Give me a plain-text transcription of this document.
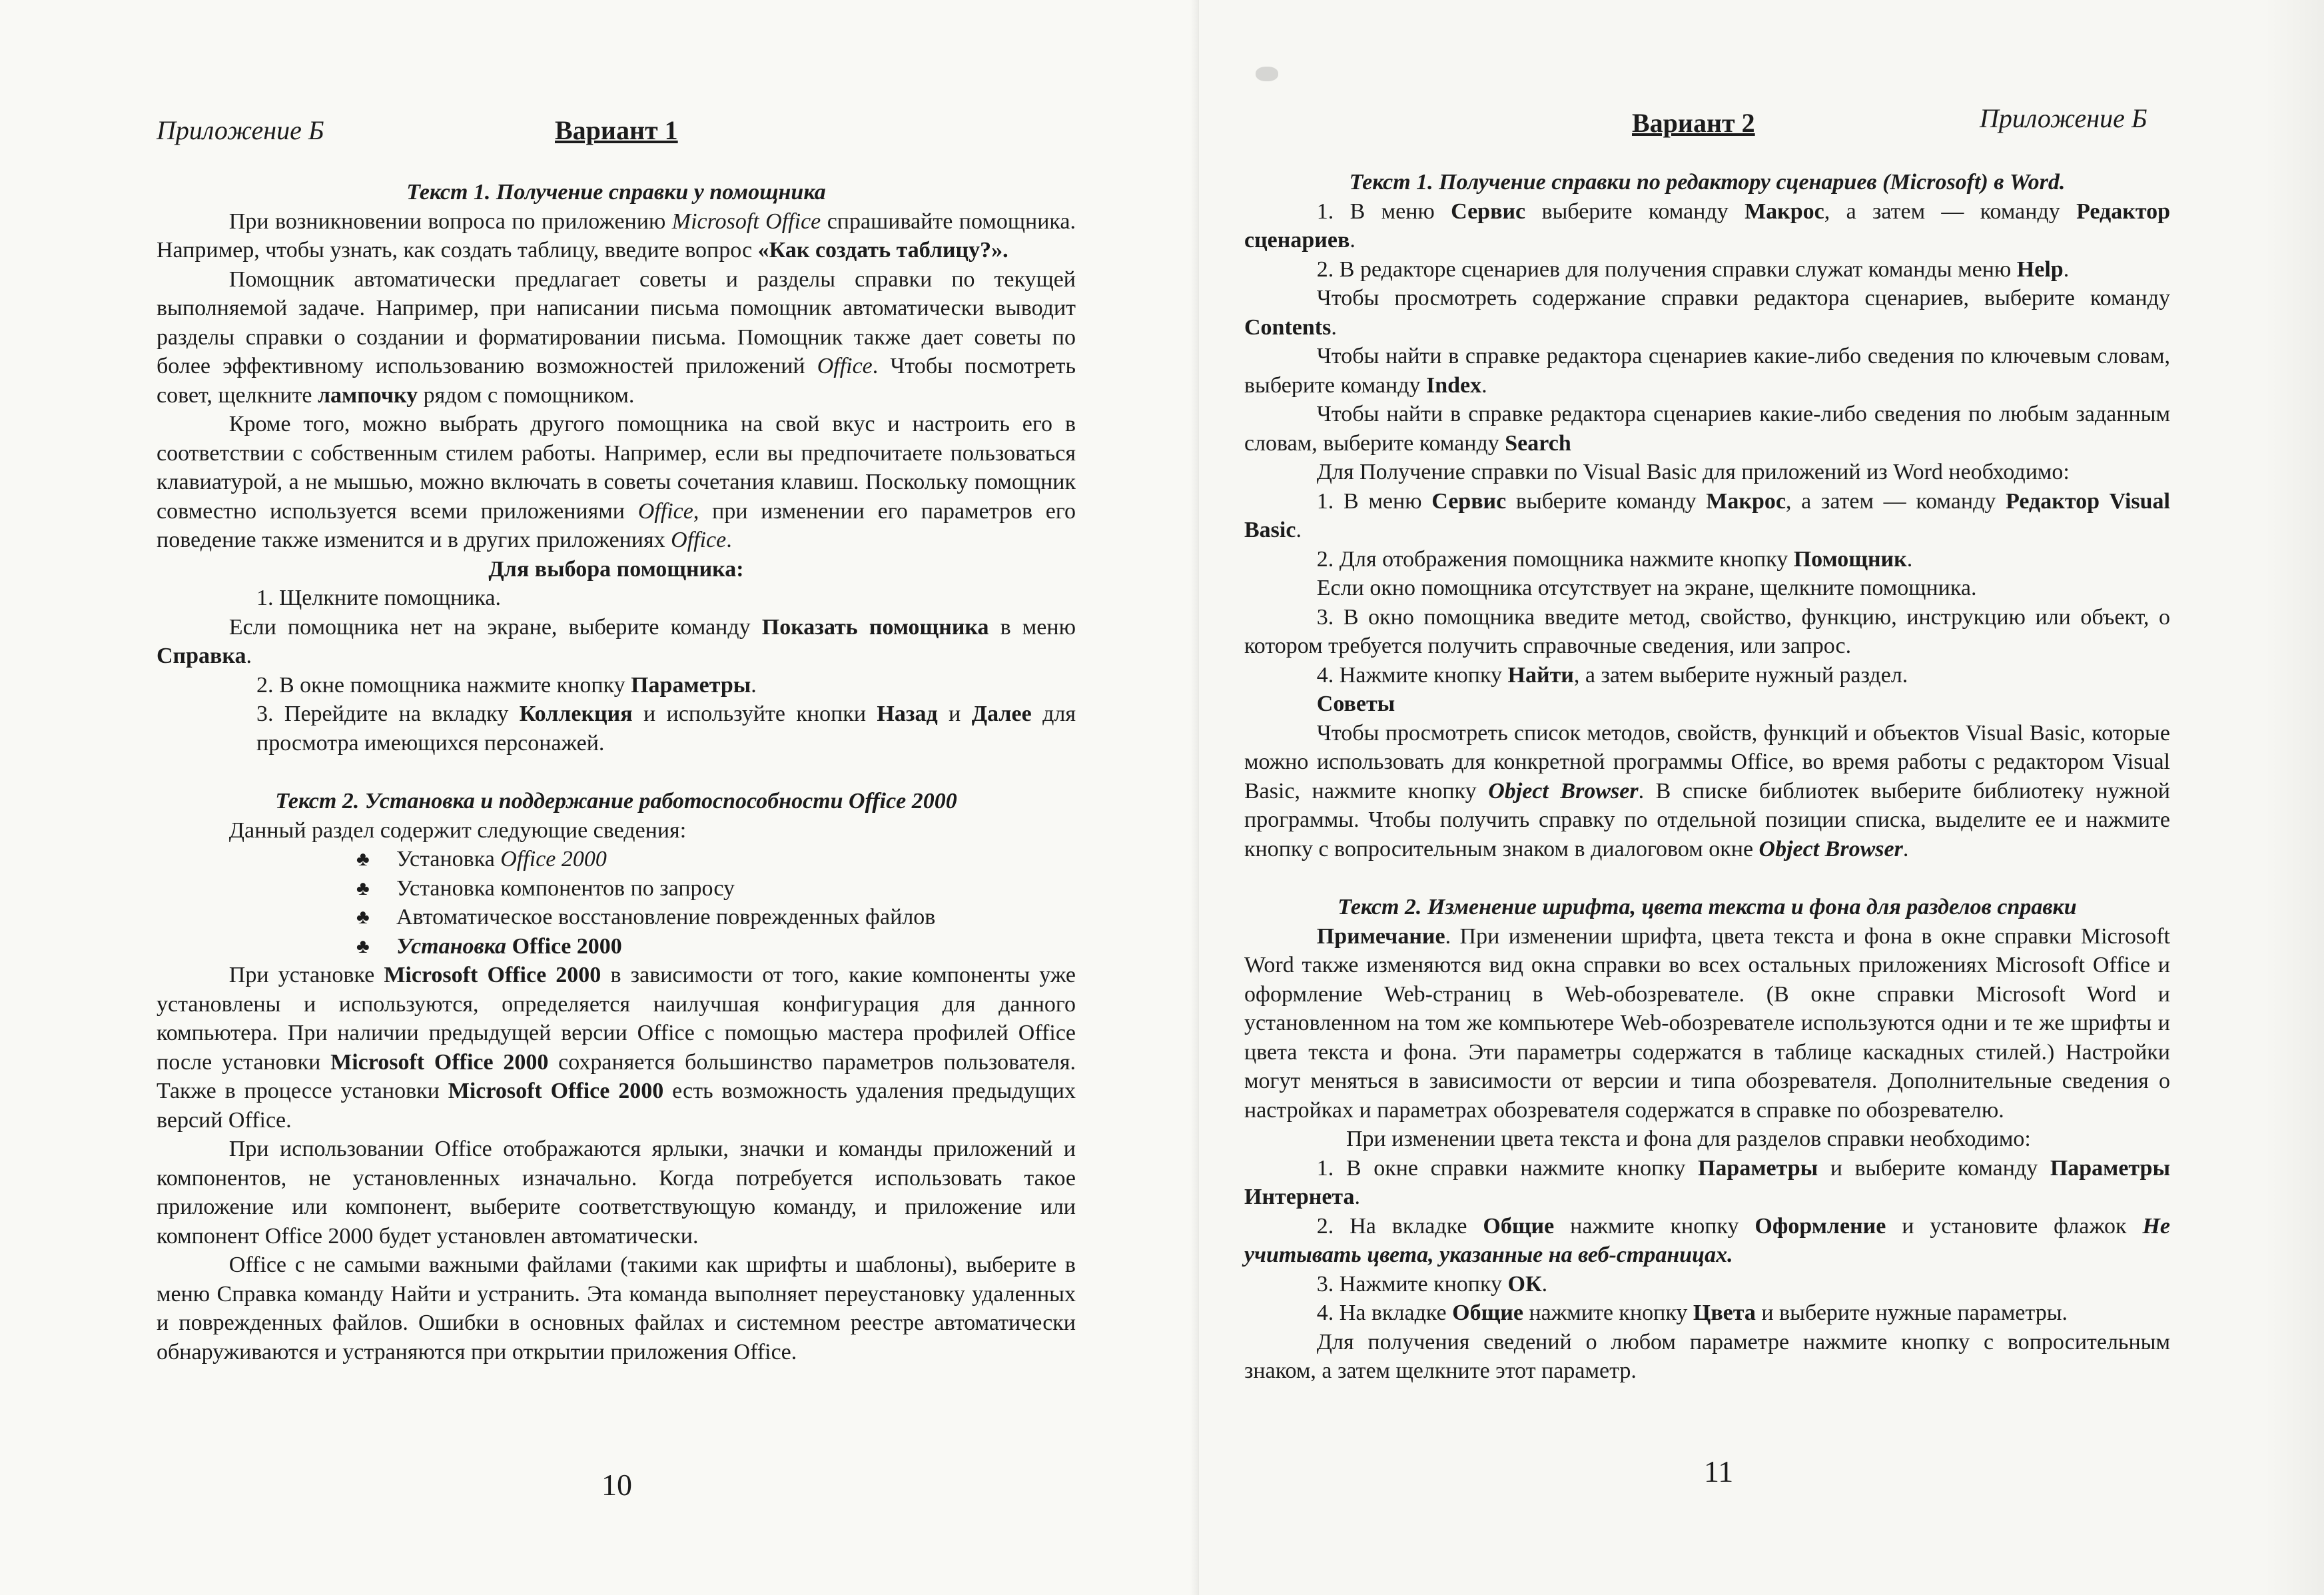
Приложение Б	Вариант 1

Текст 1. Получение справки у помощника

При возникновении вопроса по приложению Microsoft Office спрашивайте помощника. Например, чтобы узнать, как создать таблицу, введите вопрос «Как создать таблицу?».

Помощник автоматически предлагает советы и разделы справки по текущей выполняемой задаче. Например, при написании письма помощник автоматически выводит разделы справки о создании и форматировании письма. Помощник также дает советы по более эффективному использованию возможностей приложений Office. Чтобы посмотреть совет, щелкните лампочку рядом с помощником.

Кроме того, можно выбрать другого помощника на свой вкус и настроить его в соответствии с собственным стилем работы. Например, если вы предпочитаете пользоваться клавиатурой, а не мышью, можно включать в советы сочетания клавиш. Поскольку помощник совместно используется всеми приложениями Office, при изменении его параметров его поведение также изменится и в других приложениях Office.

Для выбора помощника:

1. Щелкните помощника.

Если помощника нет на экране, выберите команду Показать помощника в меню Справка.

2. В окне помощника нажмите кнопку Параметры.

3. Перейдите на вкладку Коллекция и используйте кнопки Назад и Далее для просмотра имеющихся персонажей.

Текст 2. Установка и поддержание работоспособности Office 2000

Данный раздел содержит следующие сведения:

♣ Установка Office 2000
♣ Установка компонентов по запросу
♣ Автоматическое восстановление поврежденных файлов
♣ Установка Office 2000

При установке Microsoft Office 2000 в зависимости от того, какие компоненты уже установлены и используются, определяется наилучшая конфигурация для данного компьютера. При наличии предыдущей версии Office с помощью мастера профилей Office после установки Microsoft Office 2000 сохраняется большинство параметров пользователя. Также в процессе установки Microsoft Office 2000 есть возможность удаления предыдущих версий Office.

При использовании Office отображаются ярлыки, значки и команды приложений и компонентов, не установленных изначально. Когда потребуется использовать такое приложение или компонент, выберите соответствующую команду, и приложение или компонент Office 2000 будет установлен автоматически.

Office с не самыми важными файлами (такими как шрифты и шаблоны), выберите в меню Справка команду Найти и устранить. Эта команда выполняет переустановку удаленных и поврежденных файлов. Ошибки в основных файлах и системном реестре автоматически обнаруживаются и устраняются при открытии приложения Office.

10
Вариант 2	Приложение Б

Текст 1. Получение справки по редактору сценариев (Microsoft) в Word.

1. В меню Сервис выберите команду Макрос, а затем — команду Редактор сценариев.

2. В редакторе сценариев для получения справки служат команды меню Help.

Чтобы просмотреть содержание справки редактора сценариев, выберите команду Contents.

Чтобы найти в справке редактора сценариев какие-либо сведения по ключевым словам, выберите команду Index.

Чтобы найти в справке редактора сценариев какие-либо сведения по любым заданным словам, выберите команду Search

Для Получение справки по Visual Basic для приложений из Word необходимо:

1. В меню Сервис выберите команду Макрос, а затем — команду Редактор Visual Basic.

2. Для отображения помощника нажмите кнопку Помощник.

Если окно помощника отсутствует на экране, щелкните помощника.

3. В окно помощника введите метод, свойство, функцию, инструкцию или объект, о котором требуется получить справочные сведения, или запрос.

4. Нажмите кнопку Найти, а затем выберите нужный раздел.

Советы

Чтобы просмотреть список методов, свойств, функций и объектов Visual Basic, которые можно использовать для конкретной программы Office, во время работы с редактором Visual Basic, нажмите кнопку Object Browser. В списке библиотек выберите библиотеку нужной программы. Чтобы получить справку по отдельной позиции списка, выделите ее и нажмите кнопку с вопросительным знаком в диалоговом окне Object Browser.

Текст 2. Изменение шрифта, цвета текста и фона для разделов справки

Примечание. При изменении шрифта, цвета текста и фона в окне справки Microsoft Word также изменяются вид окна справки во всех остальных приложениях Microsoft Office и оформление Web-страниц в Web-обозревателе. (В окне справки Microsoft Word и установленном на том же компьютере Web-обозревателе используются одни и те же шрифты и цвета текста и фона. Эти параметры содержатся в таблице каскадных стилей.) Настройки могут меняться в зависимости от версии и типа обозревателя. Дополнительные сведения о настройках и параметрах обозревателя содержатся в справке по обозревателю.

При изменении цвета текста и фона для разделов справки необходимо:

1. В окне справки нажмите кнопку Параметры и выберите команду Параметры Интернета.

2. На вкладке Общие нажмите кнопку Оформление и установите флажок Не учитывать цвета, указанные на веб-страницах.

3. Нажмите кнопку ОК.

4. На вкладке Общие нажмите кнопку Цвета и выберите нужные параметры.

Для получения сведений о любом параметре нажмите кнопку с вопросительным знаком, а затем щелкните этот параметр.

11
